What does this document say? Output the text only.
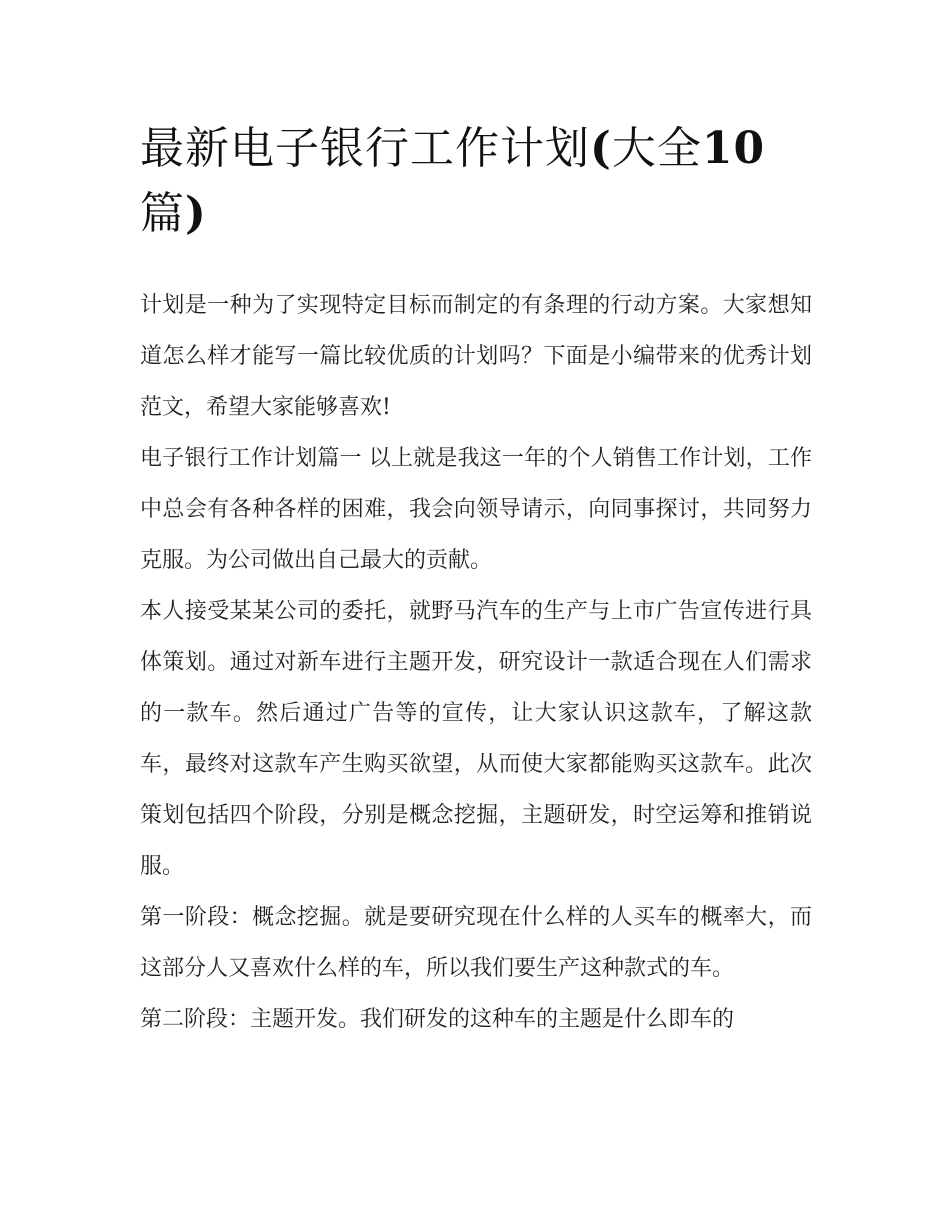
最新电子银行工作计划(大全10篇)

计划是一种为了实现特定目标而制定的有条理的行动方案。大家想知道怎么样才能写一篇比较优质的计划吗？下面是小编带来的优秀计划范文，希望大家能够喜欢!

电子银行工作计划篇一 以上就是我这一年的个人销售工作计划，工作中总会有各种各样的困难，我会向领导请示，向同事探讨，共同努力克服。为公司做出自己最大的贡献。

本人接受某某公司的委托，就野马汽车的生产与上市广告宣传进行具体策划。通过对新车进行主题开发，研究设计一款适合现在人们需求的一款车。然后通过广告等的宣传，让大家认识这款车，了解这款车，最终对这款车产生购买欲望，从而使大家都能购买这款车。此次策划包括四个阶段，分别是概念挖掘，主题研发，时空运筹和推销说服。

第一阶段：概念挖掘。就是要研究现在什么样的人买车的概率大，而这部分人又喜欢什么样的车，所以我们要生产这种款式的车。

第二阶段：主题开发。我们研发的这种车的主题是什么即车的
